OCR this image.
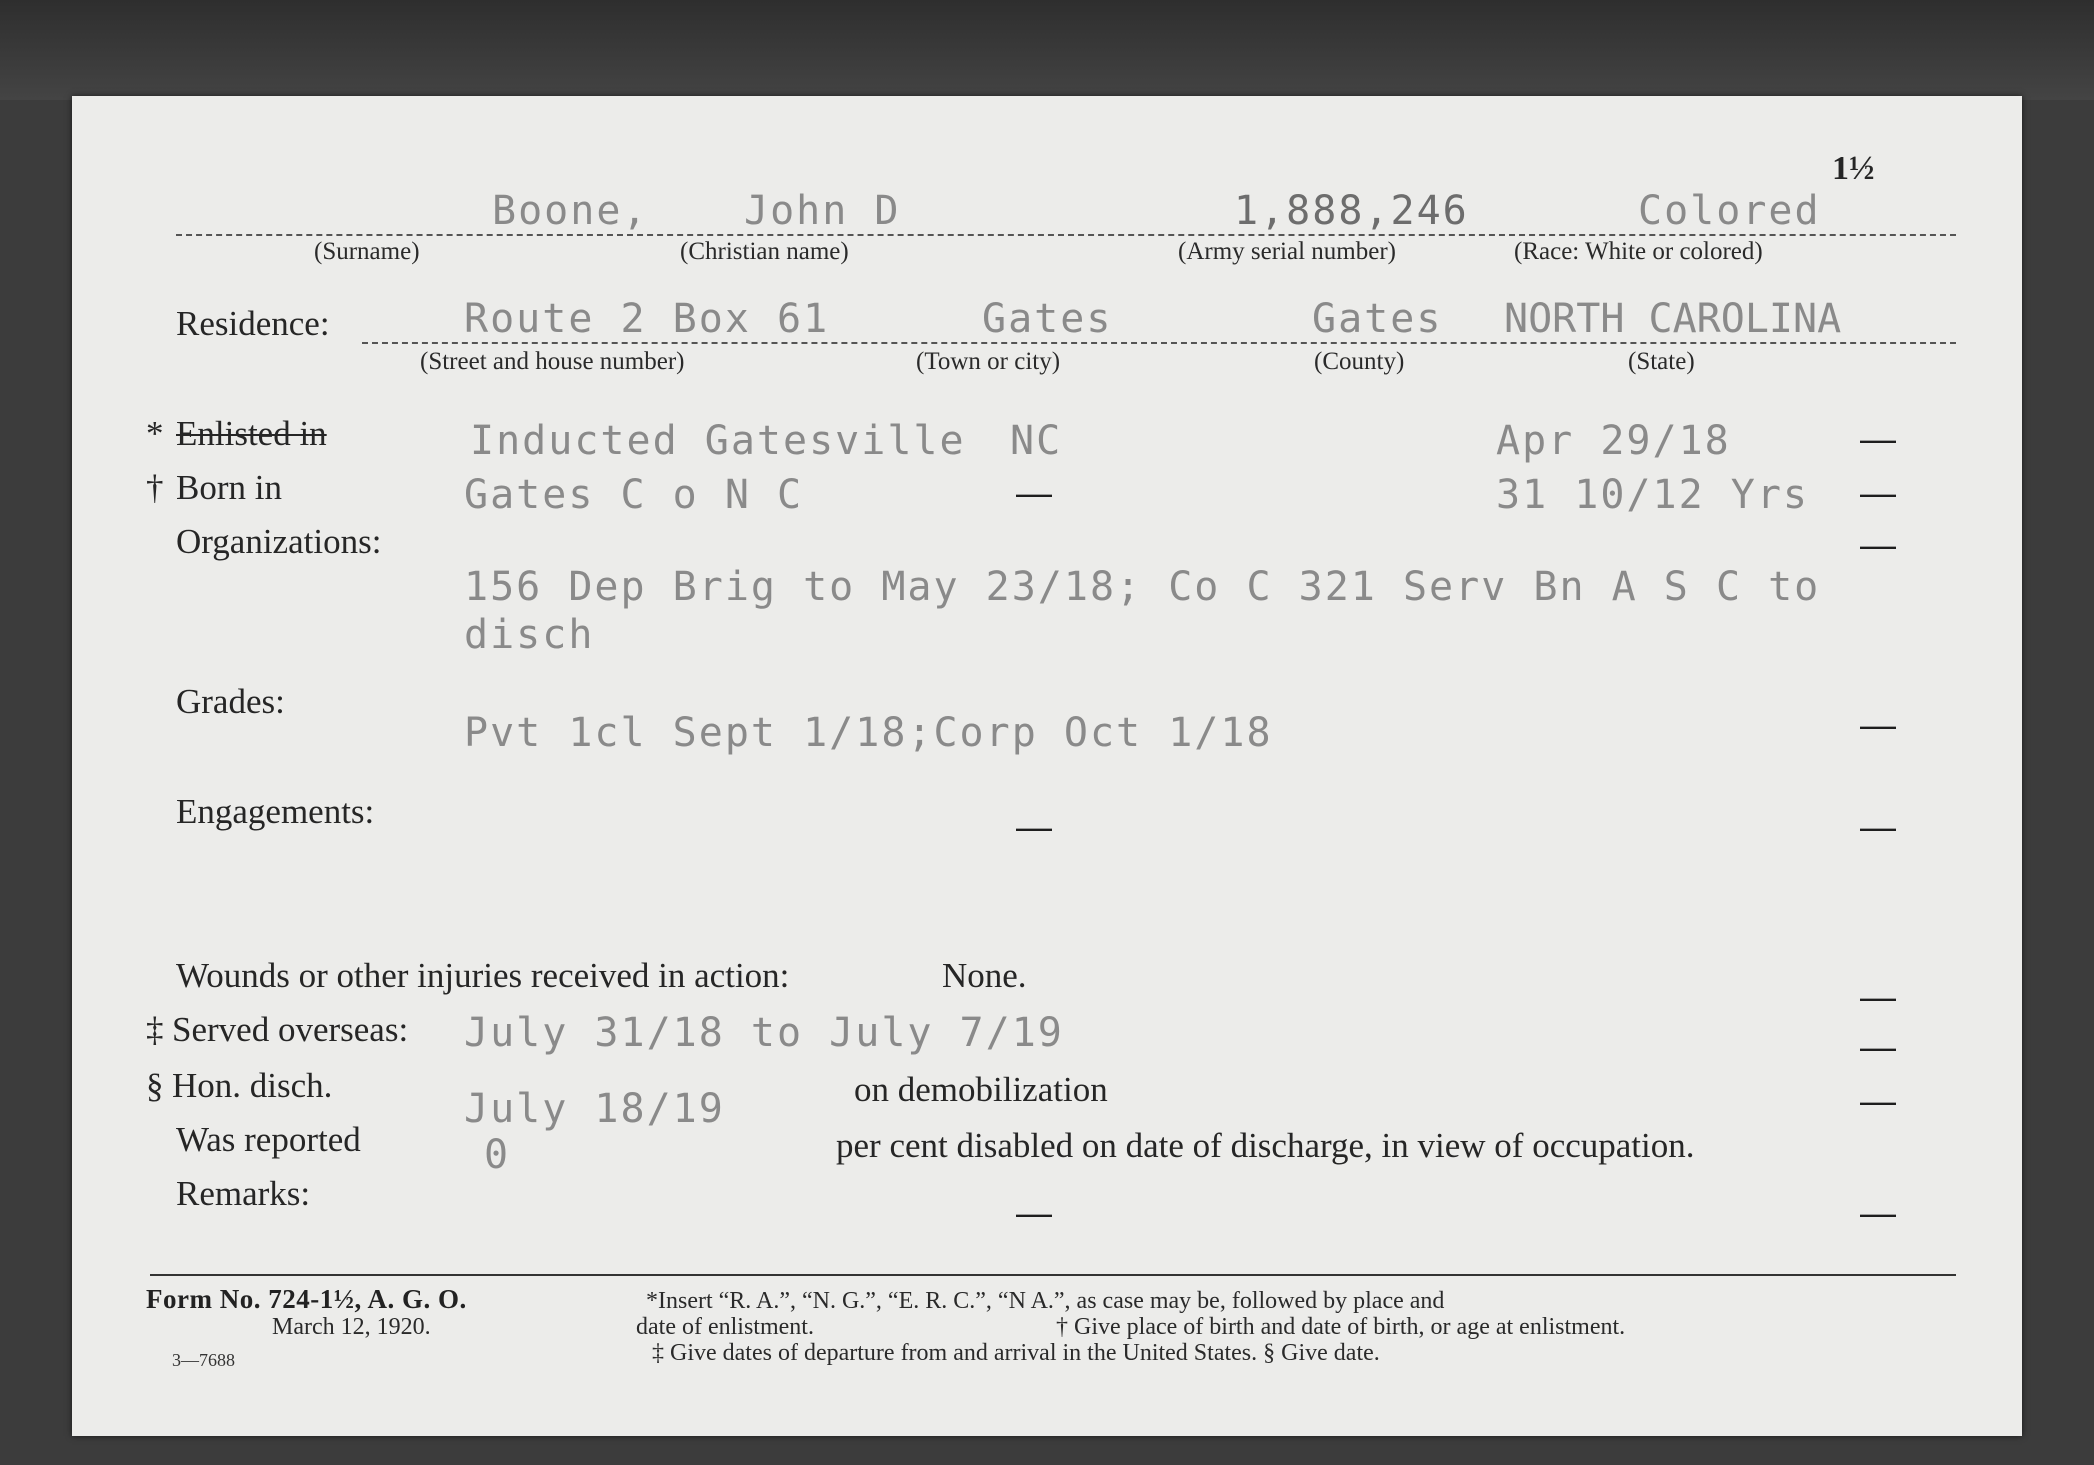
1½
Boone, John D	1,888,246	Colored
(Surname)	(Christian name)	(Army serial number)	(Race: White or colored)
Residence:	Route 2 Box 61	Gates	Gates NORTH CAROLINA
(Street and house number)	(Town or city)	(County)	(State)
* Enlisted in	Inducted Gatesville NC	Apr 29/18	—
† Born in	Gates C o N C	—	31 10/12 Yrs —
Organizations:	—
156 Dep Brig to May 23/18; Co C 321 Serv Bn A S C to
disch
Grades:
Pvt 1cl Sept 1/18;Corp Oct 1/18	—
Engagements:	—	—
Wounds or other injuries received in action:	None.
—
‡ Served overseas: July 31/18 to July 7/19	—
§ Hon. disch.
July 18/19	on demobilization	—
Was reported	0	per cent disabled on date of discharge, in view of occupation.
Remarks:	—	—
Form No. 724-1½, A. G. O.
March 12, 1920.
3—7688
*Insert “R. A.”, “N. G.”, “E. R. C.”, “N A.”, as case may be, followed by place and
date of enlistment.	† Give place of birth and date of birth, or age at enlistment.
‡ Give dates of departure from and arrival in the United States. § Give date.
